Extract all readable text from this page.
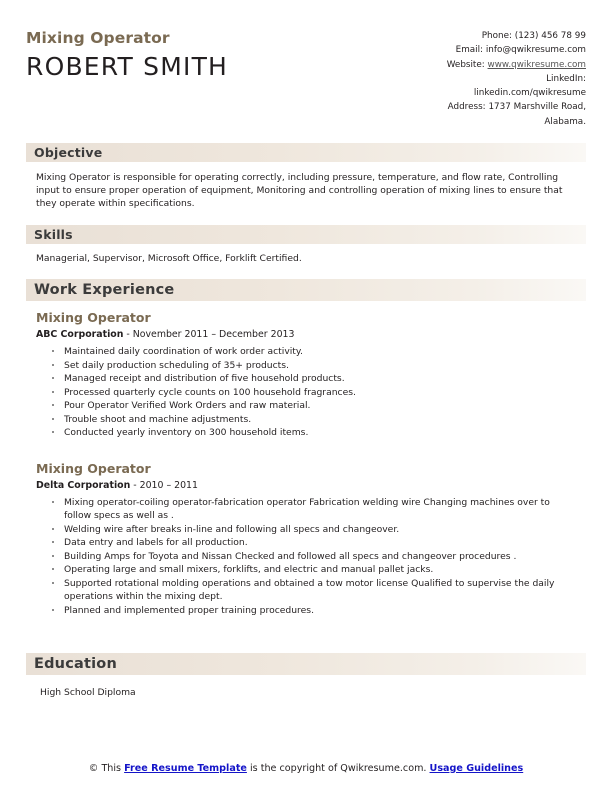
Mixing Operator
ROBERT SMITH
Phone: (123) 456 78 99
Email: info@qwikresume.com
Website: www.qwikresume.com
LinkedIn:
linkedin.com/qwikresume
Address: 1737 Marshville Road,
Alabama.
Objective
Mixing Operator is responsible for operating correctly, including pressure, temperature, and flow rate, Controlling input to ensure proper operation of equipment, Monitoring and controlling operation of mixing lines to ensure that they operate within specifications.
Skills
Managerial, Supervisor, Microsoft Office, Forklift Certified.
Work Experience
Mixing Operator
ABC Corporation - November 2011 – December 2013
Maintained daily coordination of work order activity.
Set daily production scheduling of 35+ products.
Managed receipt and distribution of five household products.
Processed quarterly cycle counts on 100 household fragrances.
Pour Operator Verified Work Orders and raw material.
Trouble shoot and machine adjustments.
Conducted yearly inventory on 300 household items.
Mixing Operator
Delta Corporation - 2010 – 2011
Mixing operator-coiling operator-fabrication operator Fabrication welding wire Changing machines over to follow specs as well as .
Welding wire after breaks in-line and following all specs and changeover.
Data entry and labels for all production.
Building Amps for Toyota and Nissan Checked and followed all specs and changeover procedures .
Operating large and small mixers, forklifts, and electric and manual pallet jacks.
Supported rotational molding operations and obtained a tow motor license Qualified to supervise the daily operations within the mixing dept.
Planned and implemented proper training procedures.
Education
High School Diploma
© This Free Resume Template is the copyright of Qwikresume.com. Usage Guidelines
